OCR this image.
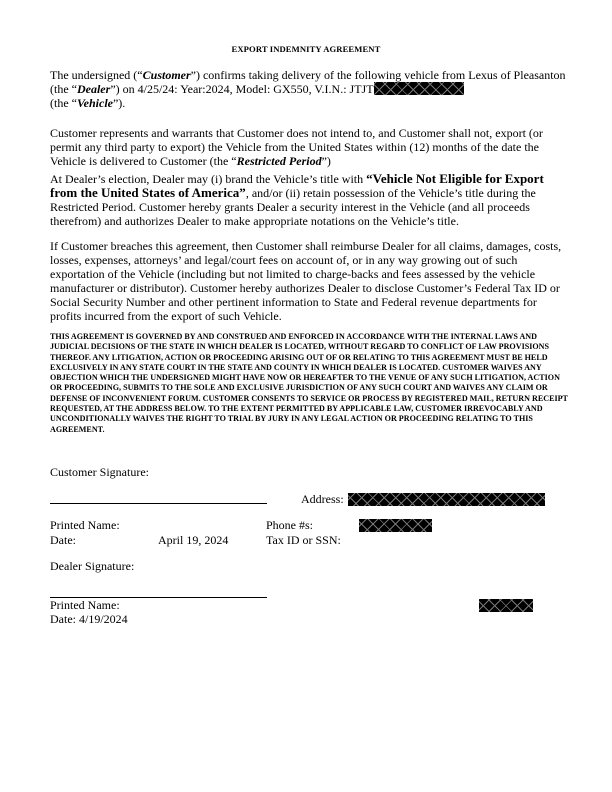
EXPORT INDEMNITY AGREEMENT
The undersigned (“Customer”) confirms taking delivery of the following vehicle from Lexus of Pleasanton (the “Dealer”) on 4/25/24: Year:2024, Model: GX550, V.I.N.: JTJT
(the “Vehicle”).
Customer represents and warrants that Customer does not intend to, and Customer shall not, export (or permit any third party to export) the Vehicle from the United States within (12) months of the date the Vehicle is delivered to Customer (the “Restricted Period”)
At Dealer’s election, Dealer may (i) brand the Vehicle’s title with “Vehicle Not Eligible for Export from the United States of America”, and/or (ii) retain possession of the Vehicle’s title during the Restricted Period. Customer hereby grants Dealer a security interest in the Vehicle (and all proceeds therefrom) and authorizes Dealer to make appropriate notations on the Vehicle’s title.
If Customer breaches this agreement, then Customer shall reimburse Dealer for all claims, damages, costs, losses, expenses, attorneys’ and legal/court fees on account of, or in any way growing out of such exportation of the Vehicle (including but not limited to charge-backs and fees assessed by the vehicle manufacturer or distributor). Customer hereby authorizes Dealer to disclose Customer’s Federal Tax ID or Social Security Number and other pertinent information to State and Federal revenue departments for profits incurred from the export of such Vehicle.
THIS AGREEMENT IS GOVERNED BY AND CONSTRUED AND ENFORCED IN ACCORDANCE WITH THE INTERNAL LAWS AND JUDICIAL DECISIONS OF THE STATE IN WHICH DEALER IS LOCATED, WITHOUT REGARD TO CONFLICT OF LAW PROVISIONS THEREOF. ANY LITIGATION, ACTION OR PROCEEDING ARISING OUT OF OR RELATING TO THIS AGREEMENT MUST BE HELD EXCLUSIVELY IN ANY STATE COURT IN THE STATE AND COUNTY IN WHICH DEALER IS LOCATED. CUSTOMER WAIVES ANY OBJECTION WHICH THE UNDERSIGNED MIGHT HAVE NOW OR HEREAFTER TO THE VENUE OF ANY SUCH LITIGATION, ACTION OR PROCEEDING, SUBMITS TO THE SOLE AND EXCLUSIVE JURISDICTION OF ANY SUCH COURT AND WAIVES ANY CLAIM OR DEFENSE OF INCONVENIENT FORUM. CUSTOMER CONSENTS TO SERVICE OR PROCESS BY REGISTERED MAIL, RETURN RECEIPT REQUESTED, AT THE ADDRESS BELOW. TO THE EXTENT PERMITTED BY APPLICABLE LAW, CUSTOMER IRREVOCABLY AND UNCONDITIONALLY WAIVES THE RIGHT TO TRIAL BY JURY IN ANY LEGAL ACTION OR PROCEEDING RELATING TO THIS AGREEMENT.
Customer Signature:
Address:

Printed Name:
	Phone #s:

Date:	April 19, 2024	Tax ID or SSN:
Dealer Signature:
Printed Name:
Date: 4/19/2024
